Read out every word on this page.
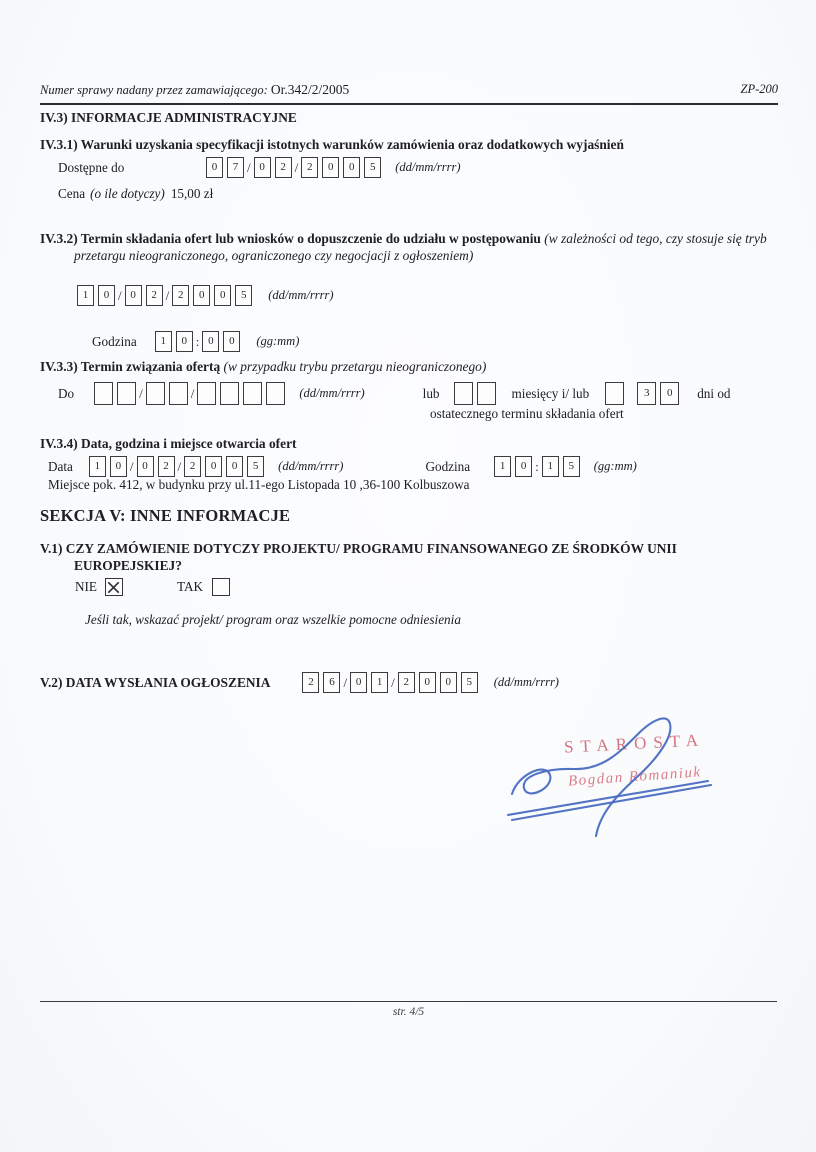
Numer sprawy nadany przez zamawiającego: Or.342/2/2005	ZP-200
IV.3) INFORMACJE ADMINISTRACYJNE
IV.3.1) Warunki uzyskania specyfikacji istotnych warunków zamówienia oraz dodatkowych wyjaśnień
Dostępne do	0	7 / 0	2 / 2	0	0	5	(dd/mm/rrrr)
Cena (o ile dotyczy) 15,00 zł
IV.3.2) Termin składania ofert lub wniosków o dopuszczenie do udziału w postępowaniu (w zależności od tego, czy stosuje się tryb przetargu nieograniczonego, ograniczonego czy negocjacji z ogłoszeniem)
1	0 / 0	2 / 2	0	0	5	(dd/mm/rrrr)
Godzina	1	0 : 0	0	(gg:mm)
IV.3.3) Termin związania ofertą (w przypadku trybu przetargu nieograniczonego)
Do	/	/	(dd/mm/rrrr)	lub	miesięcy i/ lub	3	0	dni od
ostatecznego terminu składania ofert
IV.3.4) Data, godzina i miejsce otwarcia ofert
Data	1	0 / 0	2 / 2	0	0	5	(dd/mm/rrrr)	Godzina	1	0 : 1	5	(gg:mm)
Miejsce pok. 412, w budynku przy ul.11-ego Listopada 10 ,36-100 Kolbuszowa
SEKCJA V: INNE INFORMACJE
V.1) CZY ZAMÓWIENIE DOTYCZY PROJEKTU/ PROGRAMU FINANSOWANEGO ZE ŚRODKÓW UNII EUROPEJSKIEJ?
NIE	TAK
Jeśli tak, wskazać projekt/ program oraz wszelkie pomocne odniesienia
V.2) DATA WYSŁANIA OGŁOSZENIA	2	6 / 0	1 / 2	0	0	5	(dd/mm/rrrr)
STAROSTA
Bogdan Romaniuk
str. 4/5
